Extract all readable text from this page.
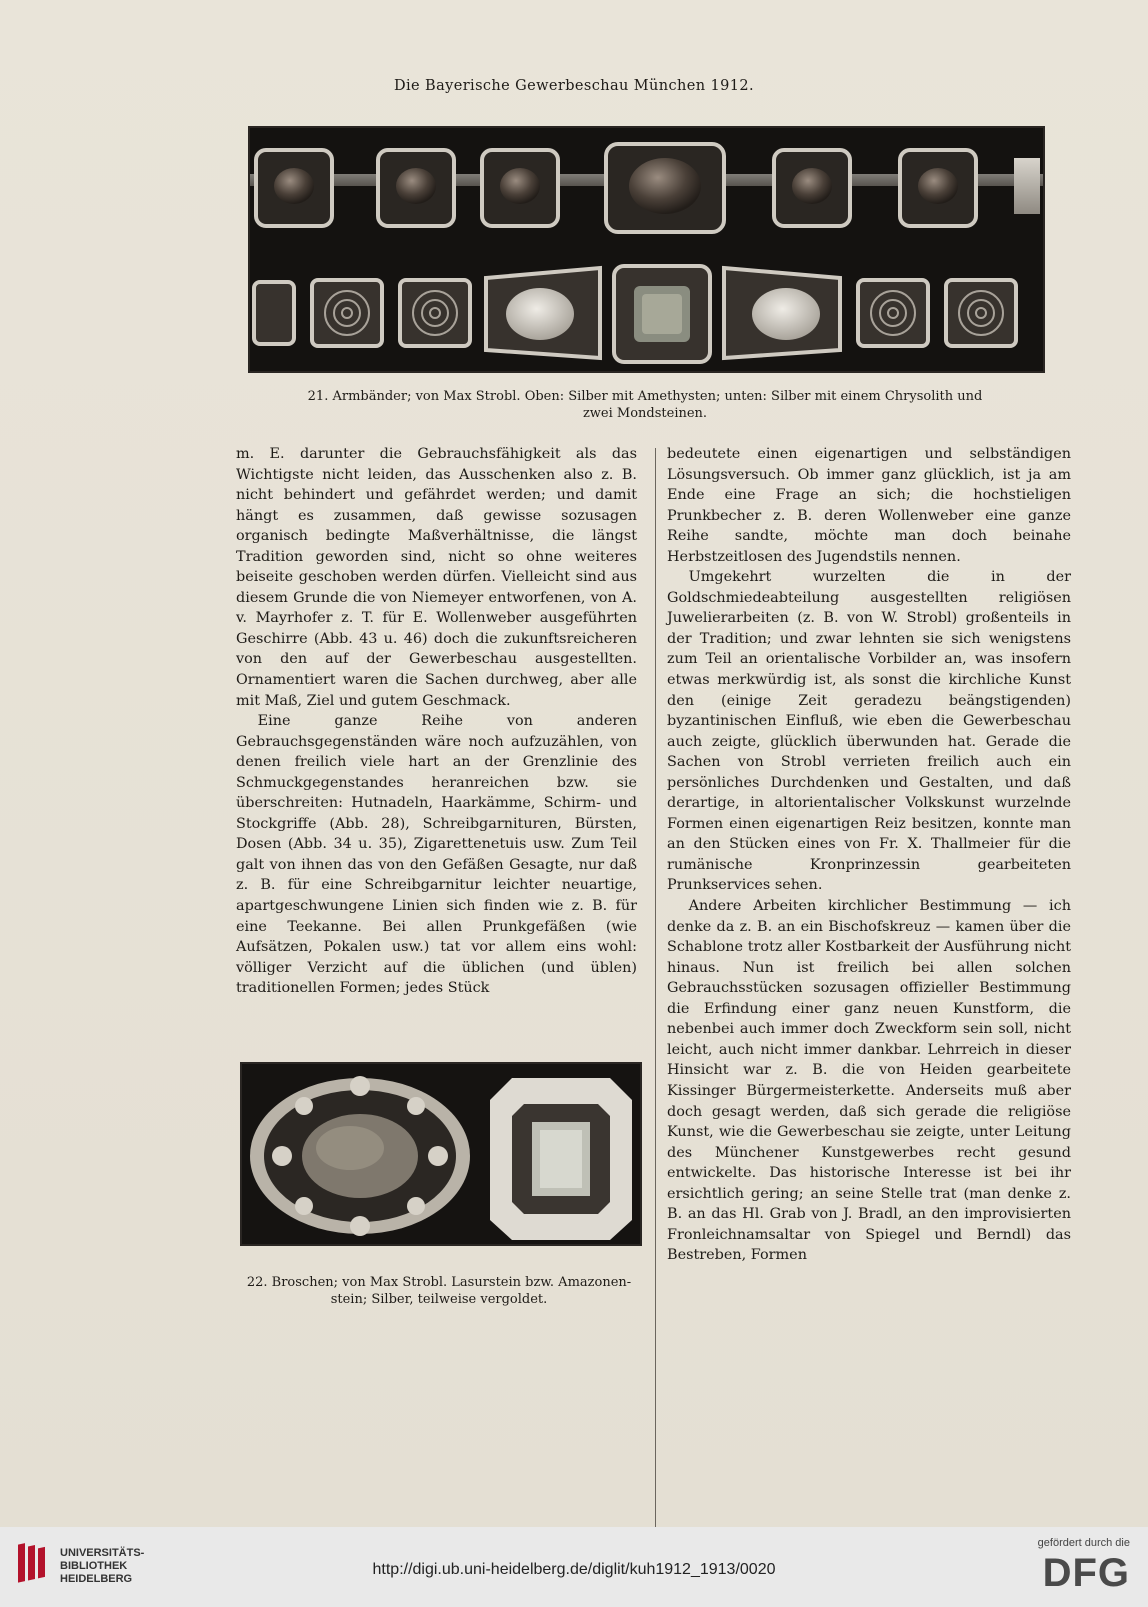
Die Bayerische Gewerbeschau München 1912.
21. Armbänder; von Max Strobl. Oben: Silber mit Amethysten; unten: Silber mit einem Chrysolith und
zwei Mondsteinen.

m. E. darunter die Gebrauchsfähigkeit als das Wichtigste nicht leiden, das Ausschenken also z. B. nicht behindert und gefährdet werden; und damit hängt es zusammen, daß gewisse sozusagen organisch bedingte Maßverhältnisse, die längst Tradition geworden sind, nicht so ohne weiteres beiseite geschoben werden dürfen. Vielleicht sind aus diesem Grunde die von Niemeyer entworfenen, von A. v. Mayrhofer z. T. für E. Wollenweber ausgeführten Geschirre (Abb. 43 u. 46) doch die zukunftsreicheren von den auf der Gewerbeschau ausgestellten. Ornamentiert waren die Sachen durchweg, aber alle mit Maß, Ziel und gutem Geschmack.

Eine ganze Reihe von anderen Gebrauchsgegenständen wäre noch aufzuzählen, von denen freilich viele hart an der Grenzlinie des Schmuckgegenstandes heranreichen bzw. sie überschreiten: Hutnadeln, Haarkämme, Schirm- und Stockgriffe (Abb. 28), Schreibgarnituren, Bürsten, Dosen (Abb. 34 u. 35), Zigarettenetuis usw. Zum Teil galt von ihnen das von den Gefäßen Gesagte, nur daß z. B. für eine Schreibgarnitur leichter neuartige, apartgeschwungene Linien sich finden wie z. B. für eine Teekanne. Bei allen Prunkgefäßen (wie Aufsätzen, Pokalen usw.) tat vor allem eins wohl: völliger Verzicht auf die üblichen (und üblen) traditionellen Formen; jedes Stück

bedeutete einen eigenartigen und selbständigen Lösungsversuch. Ob immer ganz glücklich, ist ja am Ende eine Frage an sich; die hochstieligen Prunkbecher z. B. deren Wollenweber eine ganze Reihe sandte, möchte man doch beinahe Herbstzeitlosen des Jugendstils nennen.

Umgekehrt wurzelten die in der Goldschmiedeabteilung ausgestellten religiösen Juwelierarbeiten (z. B. von W. Strobl) großenteils in der Tradition; und zwar lehnten sie sich wenigstens zum Teil an orientalische Vorbilder an, was insofern etwas merkwürdig ist, als sonst die kirchliche Kunst den (einige Zeit geradezu beängstigenden) byzantinischen Einfluß, wie eben die Gewerbeschau auch zeigte, glücklich überwunden hat. Gerade die Sachen von Strobl verrieten freilich auch ein persönliches Durchdenken und Gestalten, und daß derartige, in altorientalischer Volkskunst wurzelnde Formen einen eigenartigen Reiz besitzen, konnte man an den Stücken eines von Fr. X. Thallmeier für die rumänische Kronprinzessin gearbeiteten Prunkservices sehen.

Andere Arbeiten kirchlicher Bestimmung — ich denke da z. B. an ein Bischofskreuz — kamen über die Schablone trotz aller Kostbarkeit der Ausführung nicht hinaus. Nun ist freilich bei allen solchen Gebrauchsstücken sozusagen offizieller Bestimmung die Erfindung einer ganz neuen Kunstform, die nebenbei auch immer doch Zweckform sein soll, nicht leicht, auch nicht immer dankbar. Lehrreich in dieser Hinsicht war z. B. die von Heiden gearbeitete Kissinger Bürgermeisterkette. Anderseits muß aber doch gesagt werden, daß sich gerade die religiöse Kunst, wie die Gewerbeschau sie zeigte, unter Leitung des Münchener Kunstgewerbes recht gesund entwickelte. Das historische Interesse ist bei ihr ersichtlich gering; an seine Stelle trat (man denke z. B. an das Hl. Grab von J. Bradl, an den improvisierten Fronleichnamsaltar von Spiegel und Berndl) das Bestreben, Formen

22. Broschen; von Max Strobl. Lasurstein bzw. Amazonen-
stein; Silber, teilweise vergoldet.
UNIVERSITÄTS-
BIBLIOTHEK
HEIDELBERG
http://digi.ub.uni-heidelberg.de/diglit/kuh1912_1913/0020
gefördert durch die
DFG
